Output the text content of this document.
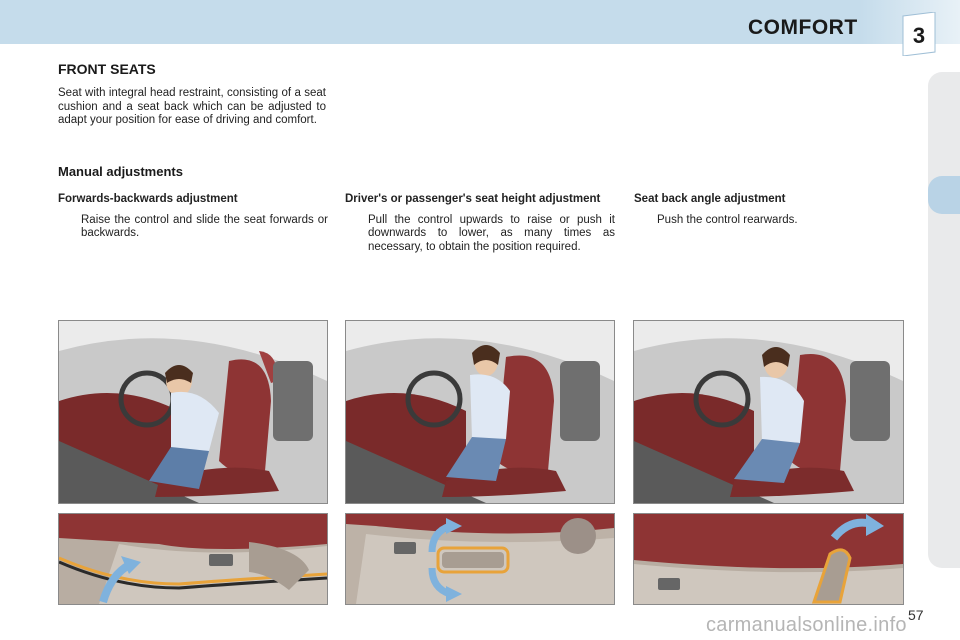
COMFORT	3
FRONT SEATS
Seat with integral head restraint, consisting of a seat cushion and a seat back which can be adjusted to adapt your position for ease of driving and comfort.
Manual adjustments
Forwards-backwards adjustment
Raise the control and slide the seat forwards or backwards.
Driver's or passenger's seat height adjustment
Pull the control upwards to raise or push it downwards to lower, as many times as necessary, to obtain the position required.
Seat back angle adjustment
Push the control rearwards.
57
carmanualsonline.info
